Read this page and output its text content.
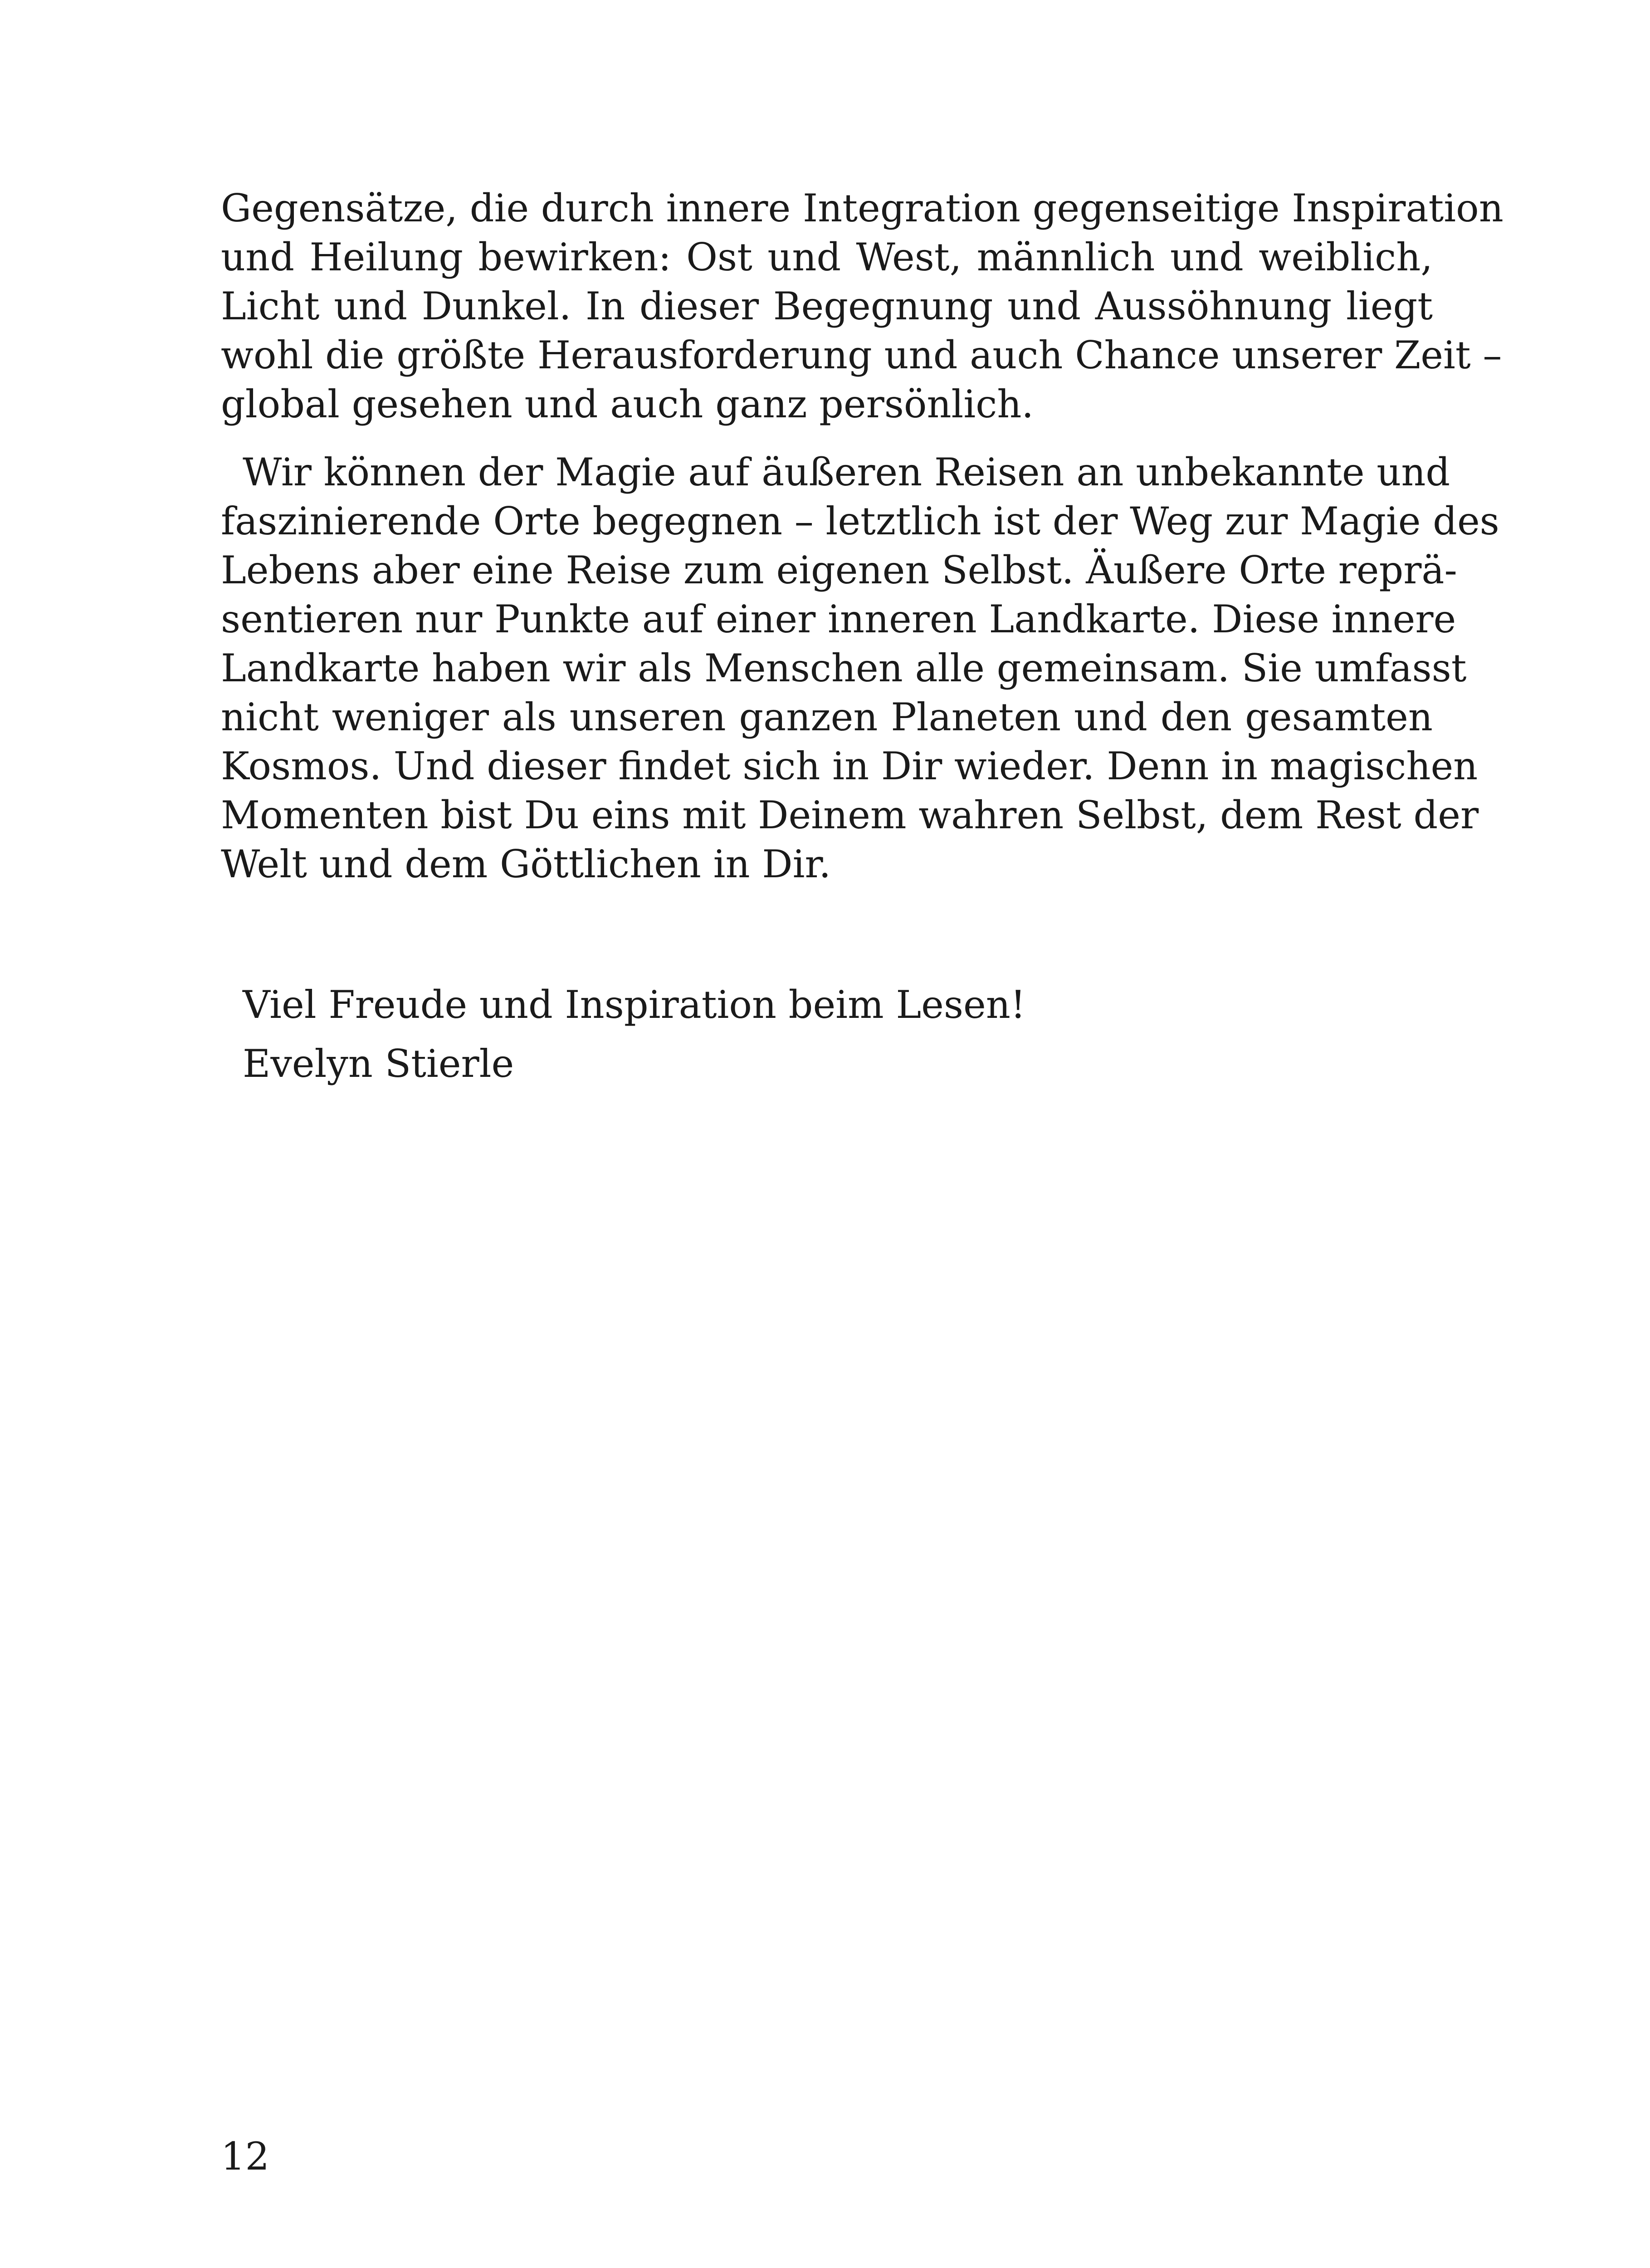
Gegensätze, die durch innere Integration gegenseitige Inspiration
und Heilung bewirken: Ost und West, männlich und weiblich,
Licht und Dunkel. In dieser Begegnung und Aussöhnung liegt
wohl die größte Herausforderung und auch Chance unserer Zeit –
global gesehen und auch ganz persönlich.
Wir können der Magie auf äußeren Reisen an unbekannte und
faszinierende Orte begegnen – letztlich ist der Weg zur Magie des
Lebens aber eine Reise zum eigenen Selbst. Äußere Orte reprä-
sentieren nur Punkte auf einer inneren Landkarte. Diese innere
Landkarte haben wir als Menschen alle gemeinsam. Sie umfasst
nicht weniger als unseren ganzen Planeten und den gesamten
Kosmos. Und dieser findet sich in Dir wieder. Denn in magischen
Momenten bist Du eins mit Deinem wahren Selbst, dem Rest der
Welt und dem Göttlichen in Dir.
Viel Freude und Inspiration beim Lesen!
Evelyn Stierle
12
